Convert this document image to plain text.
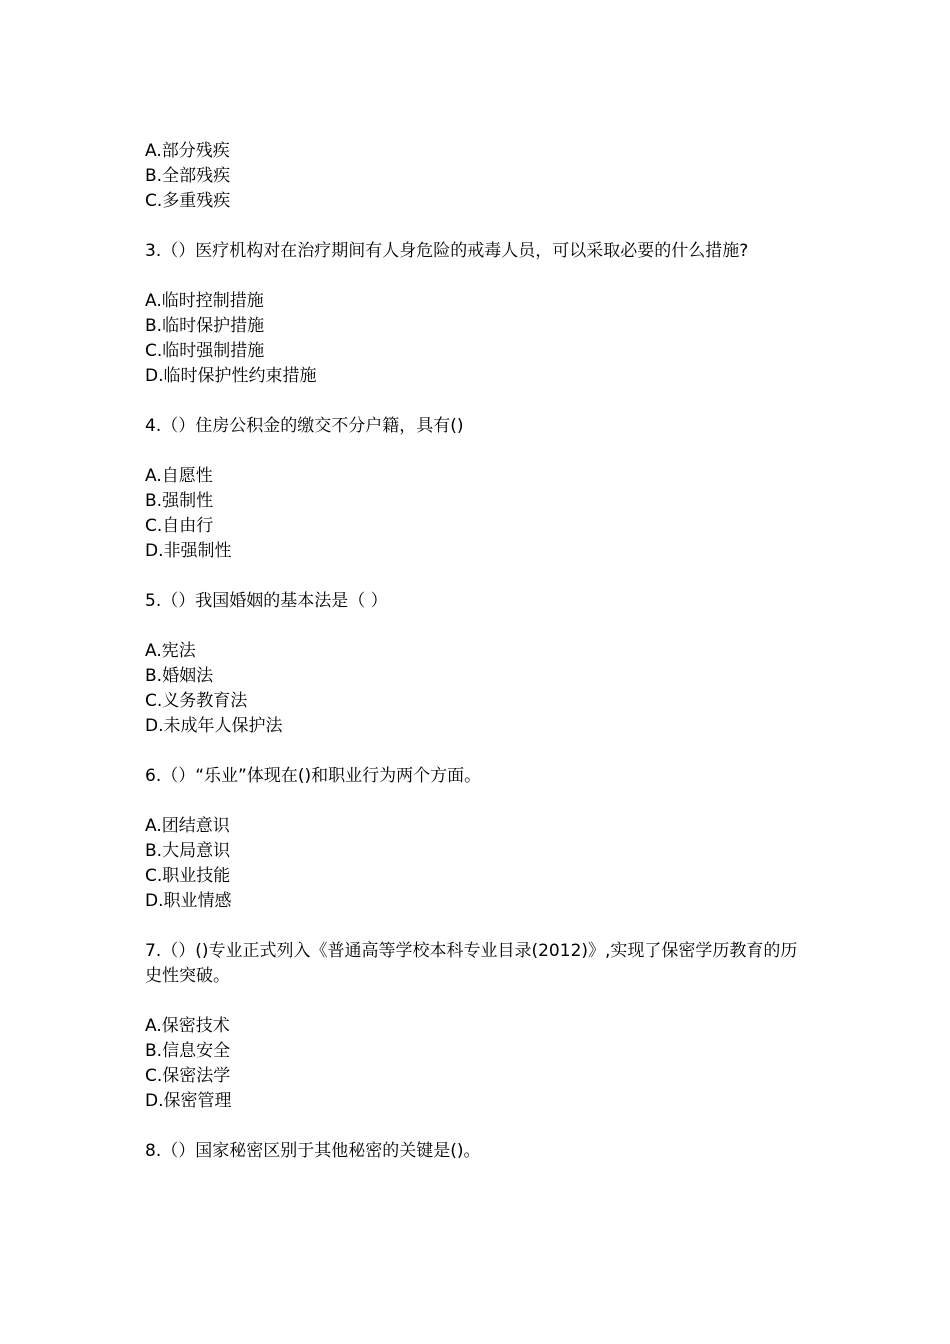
A.部分残疾
B.全部残疾
C.多重残疾
3.（）医疗机构对在治疗期间有人身危险的戒毒人员，可以采取必要的什么措施?
A.临时控制措施
B.临时保护措施
C.临时强制措施
D.临时保护性约束措施
4.（）住房公积金的缴交不分户籍，具有()
A.自愿性
B.强制性
C.自由行
D.非强制性
5.（）我国婚姻的基本法是（ ）
A.宪法
B.婚姻法
C.义务教育法
D.未成年人保护法
6.（）“乐业”体现在()和职业行为两个方面。
A.团结意识
B.大局意识
C.职业技能
D.职业情感
7.（）()专业正式列入《普通高等学校本科专业目录(2012)》,实现了保密学历教育的历史性突破。
A.保密技术
B.信息安全
C.保密法学
D.保密管理
8.（）国家秘密区别于其他秘密的关键是()。
